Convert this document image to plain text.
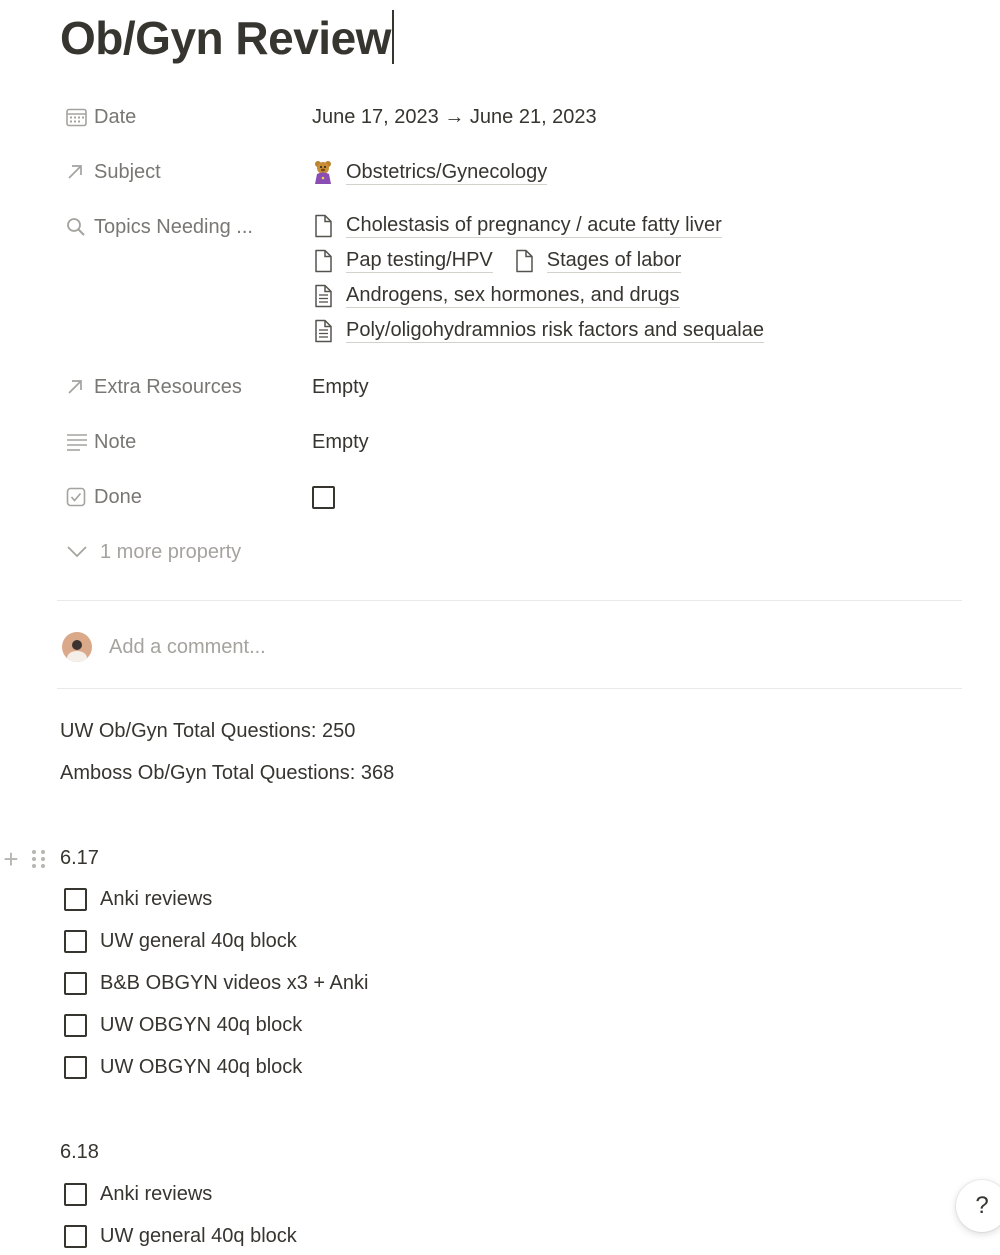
Ob/Gyn Review
Date	June 17, 2023 → June 21, 2023
Subject	Obstetrics/Gynecology
Topics Needing ...	Cholestasis of pregnancy / acute fatty liver
Pap testing/HPV	Stages of labor
Androgens, sex hormones, and drugs
Poly/oligohydramnios risk factors and sequalae
Extra Resources	Empty
Note	Empty
Done
1 more property
Add a comment...
UW Ob/Gyn Total Questions: 250
Amboss Ob/Gyn Total Questions: 368
+ 6.17
Anki reviews
UW general 40q block
B&B OBGYN videos x3 + Anki
UW OBGYN 40q block
UW OBGYN 40q block
6.18
Anki reviews
UW general 40q block
?
